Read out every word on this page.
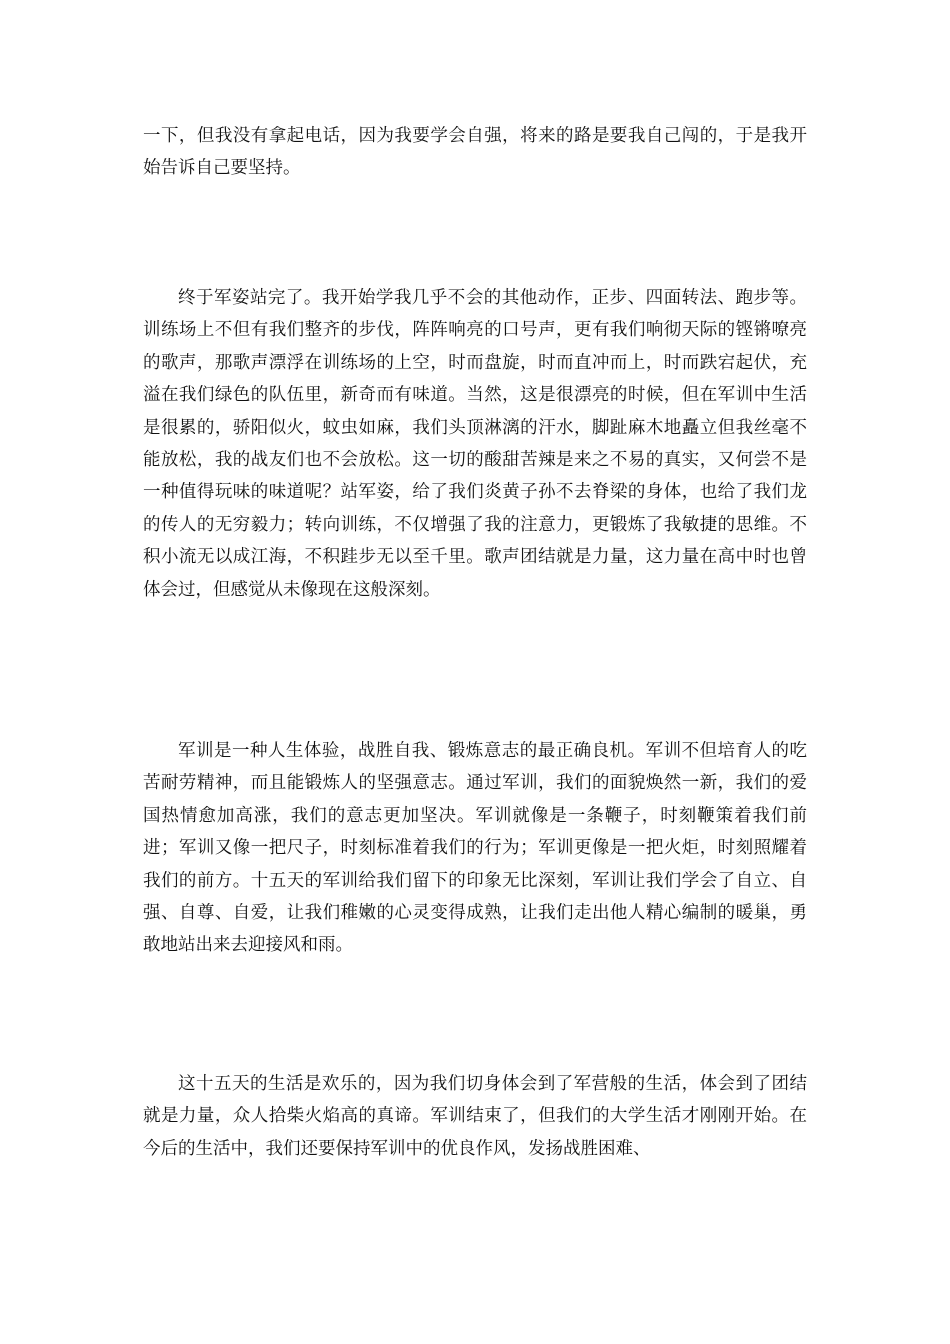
一下，但我没有拿起电话，因为我要学会自强，将来的路是要我自己闯的，于是我开始告诉自己要坚持。

终于军姿站完了。我开始学我几乎不会的其他动作，正步、四面转法、跑步等。训练场上不但有我们整齐的步伐，阵阵响亮的口号声，更有我们响彻天际的铿锵嘹亮的歌声，那歌声漂浮在训练场的上空，时而盘旋，时而直冲而上，时而跌宕起伏，充溢在我们绿色的队伍里，新奇而有味道。当然，这是很漂亮的时候，但在军训中生活是很累的，骄阳似火，蚊虫如麻，我们头顶淋漓的汗水，脚趾麻木地矗立但我丝毫不能放松，我的战友们也不会放松。这一切的酸甜苦辣是来之不易的真实，又何尝不是一种值得玩味的味道呢？站军姿，给了我们炎黄子孙不去脊梁的身体，也给了我们龙的传人的无穷毅力；转向训练，不仅增强了我的注意力，更锻炼了我敏捷的思维。不积小流无以成江海，不积跬步无以至千里。歌声团结就是力量，这力量在高中时也曾体会过，但感觉从未像现在这般深刻。

军训是一种人生体验，战胜自我、锻炼意志的最正确良机。军训不但培育人的吃苦耐劳精神，而且能锻炼人的坚强意志。通过军训，我们的面貌焕然一新，我们的爱国热情愈加高涨，我们的意志更加坚决。军训就像是一条鞭子，时刻鞭策着我们前进；军训又像一把尺子，时刻标准着我们的行为；军训更像是一把火炬，时刻照耀着我们的前方。十五天的军训给我们留下的印象无比深刻，军训让我们学会了自立、自强、自尊、自爱，让我们稚嫩的心灵变得成熟，让我们走出他人精心编制的暖巢，勇敢地站出来去迎接风和雨。

这十五天的生活是欢乐的，因为我们切身体会到了军营般的生活，体会到了团结就是力量，众人拾柴火焰高的真谛。军训结束了，但我们的大学生活才刚刚开始。在今后的生活中，我们还要保持军训中的优良作风，发扬战胜困难、
